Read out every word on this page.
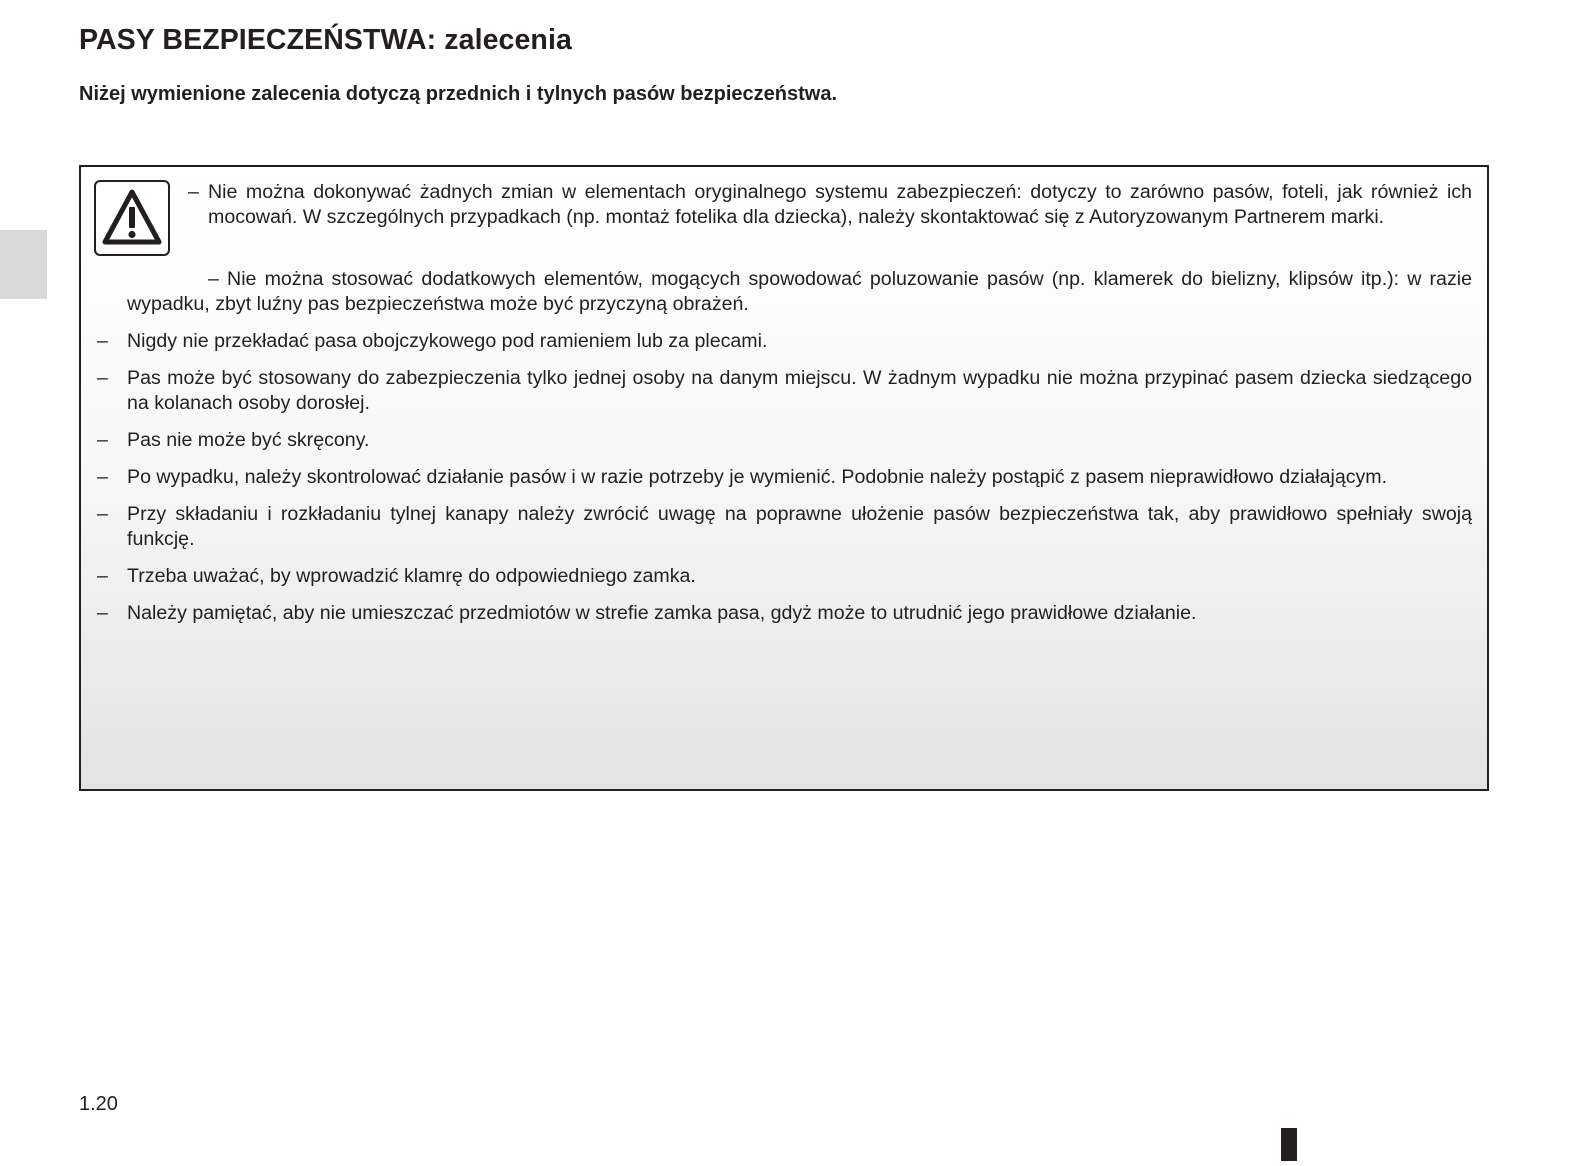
PASY BEZPIECZEŃSTWA: zalecenia

Niżej wymienione zalecenia dotyczą przednich i tylnych pasów bezpieczeństwa.

– Nie można dokonywać żadnych zmian w elementach oryginalnego systemu zabezpieczeń: dotyczy to zarówno pasów, foteli, jak również ich mocowań. W szczególnych przypadkach (np. montaż fotelika dla dziecka), należy skontaktować się z Autoryzowanym Partnerem marki.

– Nie można stosować dodatkowych elementów, mogących spowodować poluzowanie pasów (np. klamerek do bielizny, klipsów itp.): w razie wypadku, zbyt luźny pas bezpieczeństwa może być przyczyną obrażeń.

– Nigdy nie przekładać pasa obojczykowego pod ramieniem lub za plecami.
– Pas może być stosowany do zabezpieczenia tylko jednej osoby na danym miejscu. W żadnym wypadku nie można przypinać pasem dziecka siedzącego na kolanach osoby dorosłej.
– Pas nie może być skręcony.
– Po wypadku, należy skontrolować działanie pasów i w razie potrzeby je wymienić. Podobnie należy postąpić z pasem nieprawidłowo działającym.
– Przy składaniu i rozkładaniu tylnej kanapy należy zwrócić uwagę na poprawne ułożenie pasów bezpieczeństwa tak, aby prawidłowo spełniały swoją funkcję.
– Trzeba uważać, by wprowadzić klamrę do odpowiedniego zamka.
– Należy pamiętać, aby nie umieszczać przedmiotów w strefie zamka pasa, gdyż może to utrudnić jego prawidłowe działanie.

1.20
